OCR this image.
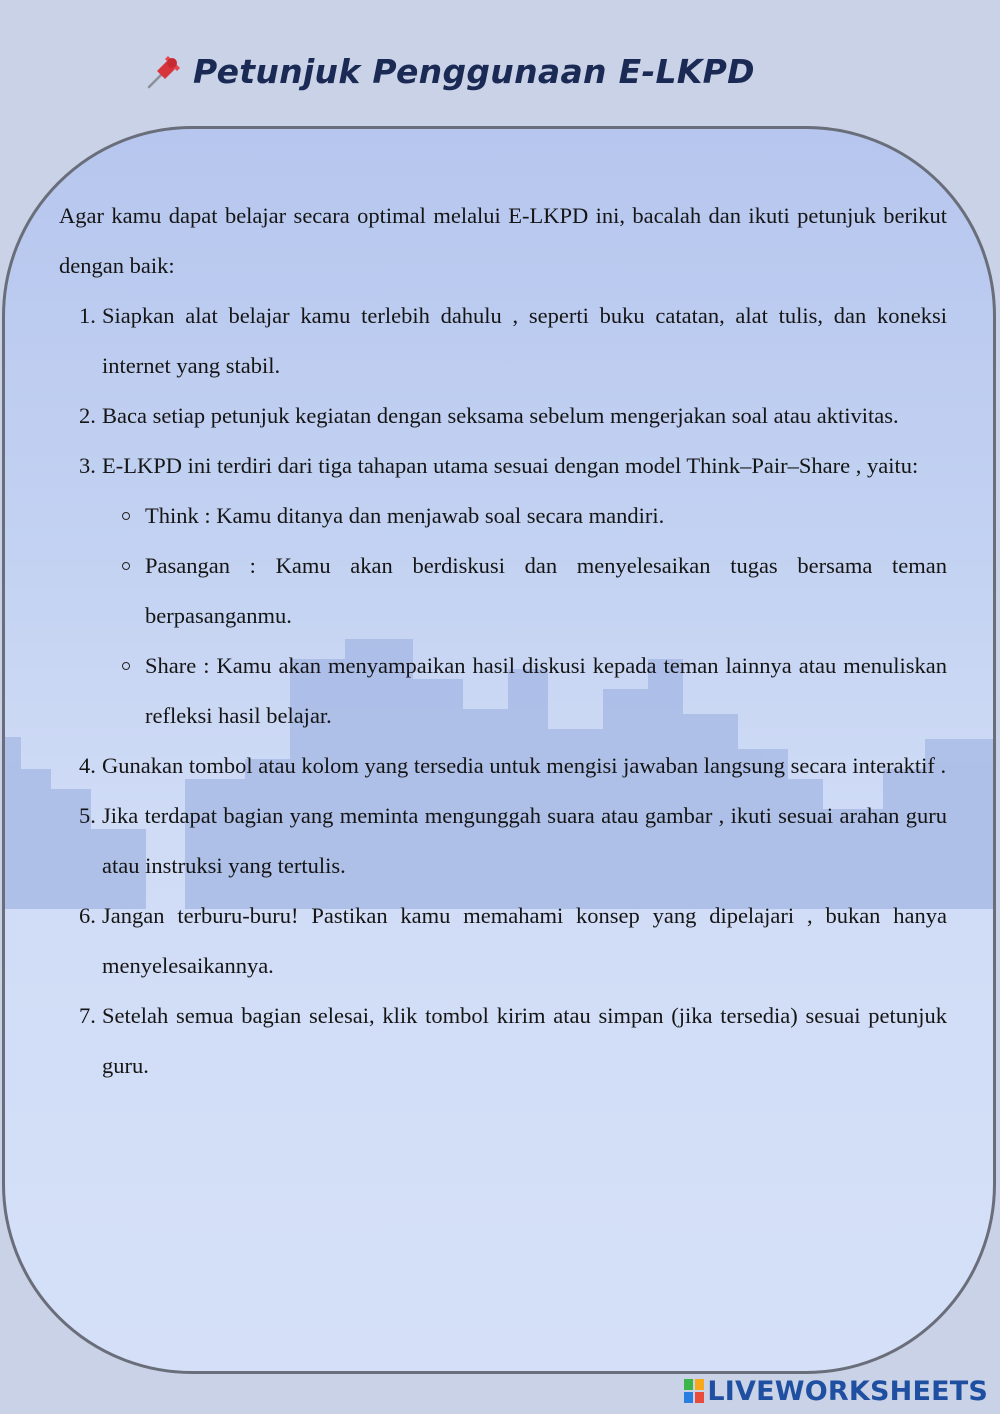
Petunjuk Penggunaan E-LKPD

Agar kamu dapat belajar secara optimal melalui E-LKPD ini, bacalah dan ikuti petunjuk berikut dengan baik:

1. Siapkan alat belajar kamu terlebih dahulu , seperti buku catatan, alat tulis, dan koneksi internet yang stabil.
2. Baca setiap petunjuk kegiatan dengan seksama sebelum mengerjakan soal atau aktivitas.
3. E-LKPD ini terdiri dari tiga tahapan utama sesuai dengan model Think–Pair–Share , yaitu:
Think : Kamu ditanya dan menjawab soal secara mandiri.
Pasangan : Kamu akan berdiskusi dan menyelesaikan tugas bersama teman berpasanganmu.
Share : Kamu akan menyampaikan hasil diskusi kepada teman lainnya atau menuliskan refleksi hasil belajar.
4. Gunakan tombol atau kolom yang tersedia untuk mengisi jawaban langsung secara interaktif .
5. Jika terdapat bagian yang meminta mengunggah suara atau gambar , ikuti sesuai arahan guru atau instruksi yang tertulis.
6. Jangan terburu-buru! Pastikan kamu memahami konsep yang dipelajari , bukan hanya menyelesaikannya.
7. Setelah semua bagian selesai, klik tombol kirim atau simpan (jika tersedia) sesuai petunjuk guru.
LIVEWORKSHEETS
